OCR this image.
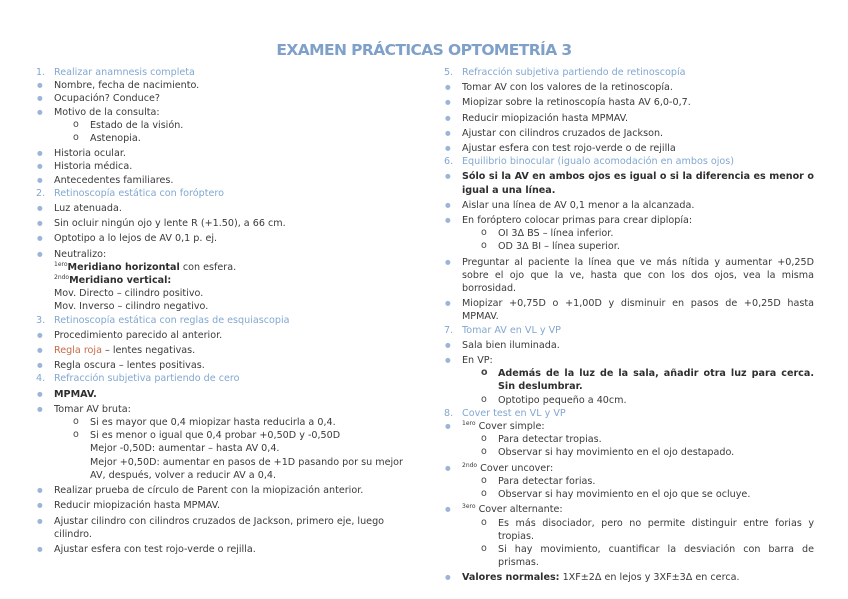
EXAMEN PRÁCTICAS OPTOMETRÍA 3
1. Realizar anamnesis completa
● Nombre, fecha de nacimiento.
● Ocupación? Conduce?
● Motivo de la consulta:
o Estado de la visión.
o Astenopia.
● Historia ocular.
● Historia médica.
● Antecedentes familiares.
2. Retinoscopía estática con foróptero
● Luz atenuada.
● Sin ocluir ningún ojo y lente R (+1.50), a 66 cm.
● Optotipo a lo lejos de AV 0,1 p. ej.
● Neutralizo:
$^{1ero}$Meridiano horizontal con esfera.
$^{2ndo}$Meridiano vertical:
Mov. Directo – cilindro positivo.
Mov. Inverso – cilindro negativo.
3. Retinoscopía estática con reglas de esquiascopia
● Procedimiento parecido al anterior.
● Regla roja – lentes negativas.
● Regla oscura – lentes positivas.
4. Refracción subjetiva partiendo de cero
● MPMAV.
● Tomar AV bruta:
o Si es mayor que 0,4 miopizar hasta reducirla a 0,4.
o Si es menor o igual que 0,4 probar +0,50D y -0,50D
Mejor -0,50D: aumentar – hasta AV 0,4.
Mejor +0,50D: aumentar en pasos de +1D pasando por su mejor AV, después, volver a reducir AV a 0,4.
● Realizar prueba de círculo de Parent con la miopización anterior.
● Reducir miopización hasta MPMAV.
● Ajustar cilindro con cilindros cruzados de Jackson, primero eje, luego cilindro.
● Ajustar esfera con test rojo-verde o rejilla.
5. Refracción subjetiva partiendo de retinoscopía
● Tomar AV con los valores de la retinoscopía.
● Miopizar sobre la retinoscopía hasta AV 6,0-0,7.
● Reducir miopización hasta MPMAV.
● Ajustar con cilindros cruzados de Jackson.
● Ajustar esfera con test rojo-verde o de rejilla
6. Equilibrio binocular (igualo acomodación en ambos ojos)
● Sólo si la AV en ambos ojos es igual o si la diferencia es menor o igual a una línea.
● Aislar una línea de AV 0,1 menor a la alcanzada.
● En foróptero colocar primas para crear diplopía:
o OI 3Δ BS – línea inferior.
o OD 3Δ BI – línea superior.
● Preguntar al paciente la línea que ve más nítida y aumentar +0,25D sobre el ojo que la ve, hasta que con los dos ojos, vea la misma borrosidad.
● Miopizar +0,75D o +1,00D y disminuir en pasos de +0,25D hasta MPMAV.
7. Tomar AV en VL y VP
● Sala bien iluminada.
● En VP:
o Además de la luz de la sala, añadir otra luz para cerca. Sin deslumbrar.
o Optotipo pequeño a 40cm.
8. Cover test en VL y VP
● $^{1ero}$ Cover simple:
o Para detectar tropias.
o Observar si hay movimiento en el ojo destapado.
● $^{2ndo}$ Cover uncover:
o Para detectar forias.
o Observar si hay movimiento en el ojo que se ocluye.
● $^{3ero}$ Cover alternante:
o Es más disociador, pero no permite distinguir entre forias y tropias.
o Si hay movimiento, cuantificar la desviación con barra de prismas.
● Valores normales: 1XF±2Δ en lejos y 3XF±3Δ en cerca.
